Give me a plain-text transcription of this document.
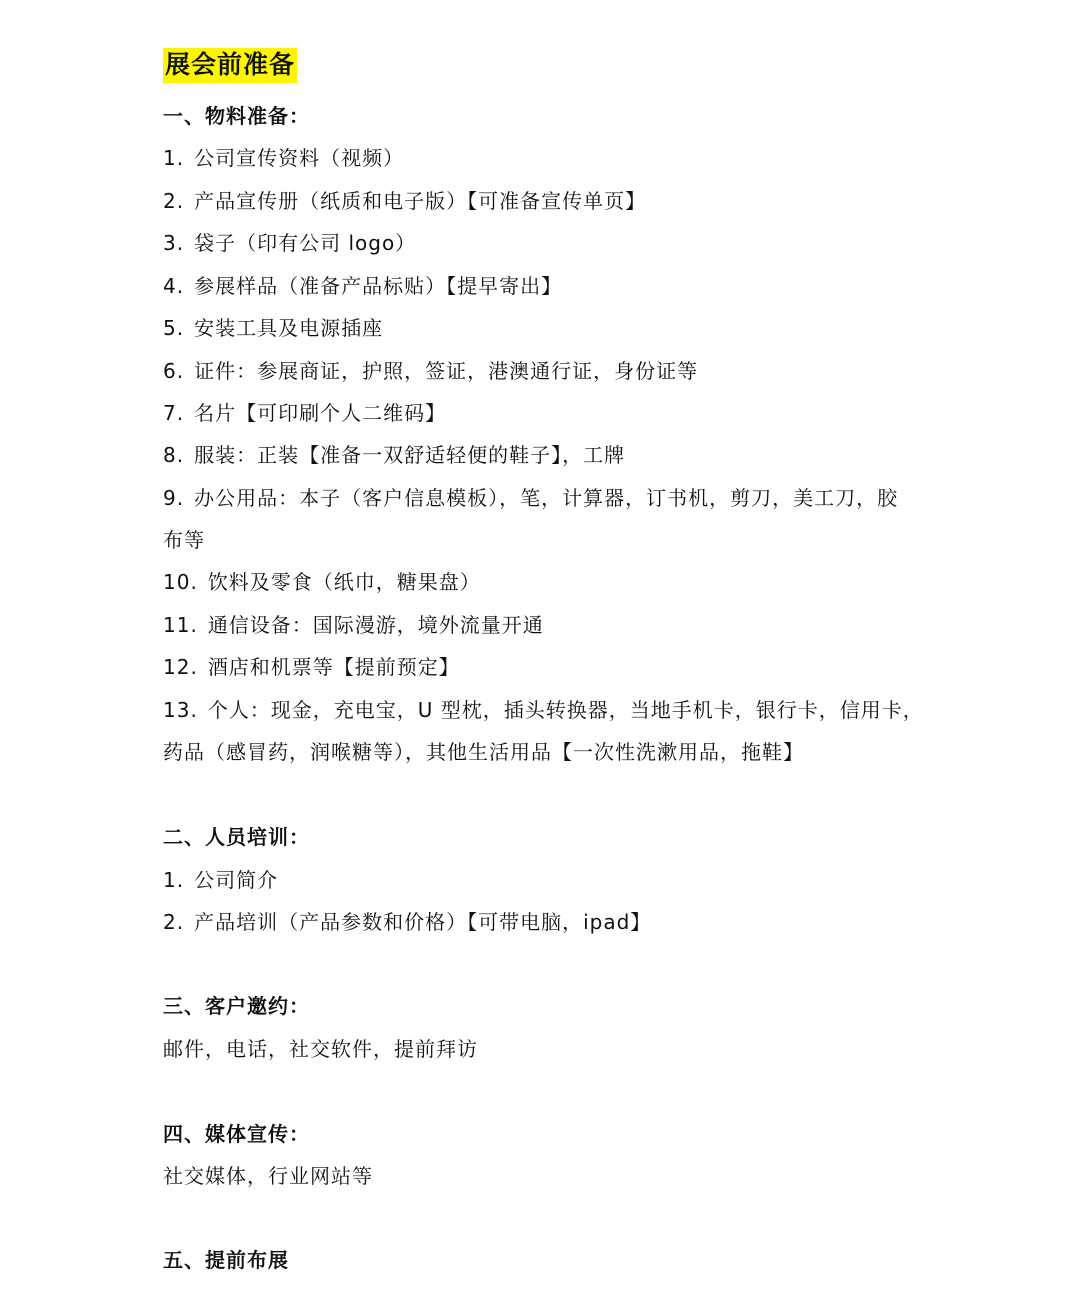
展会前准备
一、物料准备：
1. 公司宣传资料（视频）
2. 产品宣传册（纸质和电子版）【可准备宣传单页】
3. 袋子（印有公司 logo）
4. 参展样品（准备产品标贴）【提早寄出】
5. 安装工具及电源插座
6. 证件：参展商证，护照，签证，港澳通行证，身份证等
7. 名片【可印刷个人二维码】
8. 服装：正装【准备一双舒适轻便的鞋子】，工牌
9. 办公用品：本子（客户信息模板），笔，计算器，订书机，剪刀，美工刀，胶
布等
10. 饮料及零食（纸巾，糖果盘）
11. 通信设备：国际漫游，境外流量开通
12. 酒店和机票等【提前预定】
13. 个人：现金，充电宝，U 型枕，插头转换器，当地手机卡，银行卡，信用卡，
药品（感冒药，润喉糖等），其他生活用品【一次性洗漱用品，拖鞋】
二、人员培训：
1. 公司简介
2. 产品培训（产品参数和价格）【可带电脑，ipad】
三、客户邀约：
邮件，电话，社交软件，提前拜访
四、媒体宣传：
社交媒体，行业网站等
五、提前布展
